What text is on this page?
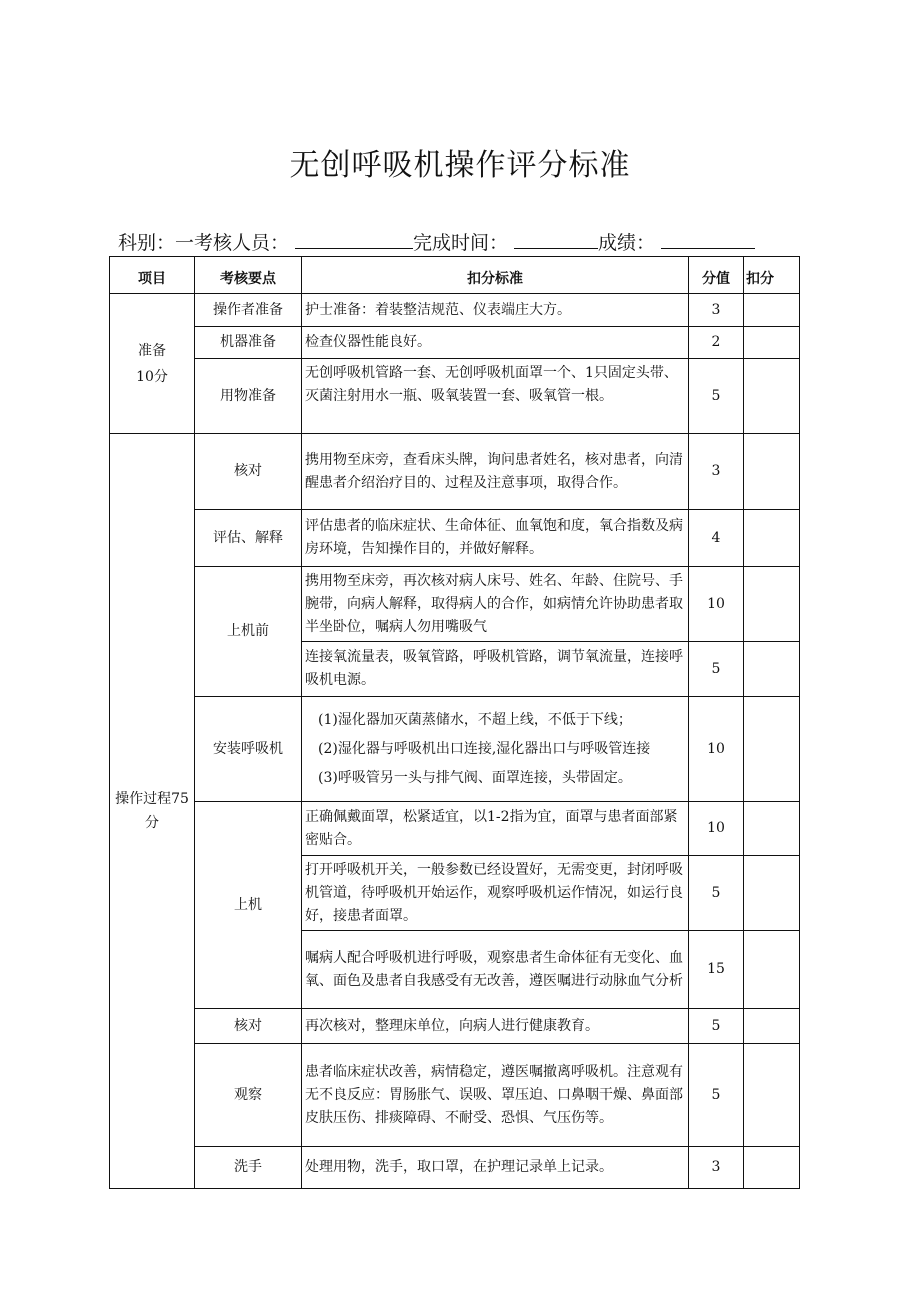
无创呼吸机操作评分标准
科别：一考核人员：	完成时间：	成绩：
项目	考核要点	扣分标准	分值	扣分

准备
10分	操作者准备	护士准备：着装整洁规范、仪表端庄大方。	3	
	机器准备	检查仪器性能良好。	2	
	用物准备	无创呼吸机管路一套、无创呼吸机面罩一个、1只固定头带、灭菌注射用水一瓶、吸氧装置一套、吸氧管一根。	5	

操作过程75
分	核对	携用物至床旁，查看床头牌，询问患者姓名，核对患者，向清醒患者介绍治疗目的、过程及注意事项，取得合作。	3	
	评估、解释	评估患者的临床症状、生命体征、血氧饱和度，氧合指数及病房环境，告知操作目的，并做好解释。	4	
	上机前	携用物至床旁，再次核对病人床号、姓名、年龄、住院号、手腕带，向病人解释，取得病人的合作，如病情允许协助患者取半坐卧位，嘱病人勿用嘴吸气	10	
		连接氧流量表，吸氧管路，呼吸机管路，调节氧流量，连接呼吸机电源。	5	
	安装呼吸机	(1)湿化器加灭菌蒸储水，不超上线，不低于下线；
(2)湿化器与呼吸机出口连接,湿化器出口与呼吸管连接
(3)呼吸管另一头与排气阀、面罩连接，头带固定。	10	
	上机	正确佩戴面罩，松紧适宜，以1-2指为宜，面罩与患者面部紧密贴合。	10	
		打开呼吸机开关，一般参数已经设置好，无需变更，封闭呼吸机管道，待呼吸机开始运作，观察呼吸机运作情况，如运行良好，接患者面罩。	5	
		嘱病人配合呼吸机进行呼吸，观察患者生命体征有无变化、血氧、面色及患者自我感受有无改善，遵医嘱进行动脉血气分析	15	
	核对	再次核对，整理床单位，向病人进行健康教育。	5	
	观察	患者临床症状改善，病情稳定，遵医嘱撤离呼吸机。注意观有无不良反应：胃肠胀气、误吸、罩压迫、口鼻咽干燥、鼻面部皮肤压伤、排痰障碍、不耐受、恐惧、气压伤等。	5	
	洗手	处理用物，洗手，取口罩，在护理记录单上记录。	3	
